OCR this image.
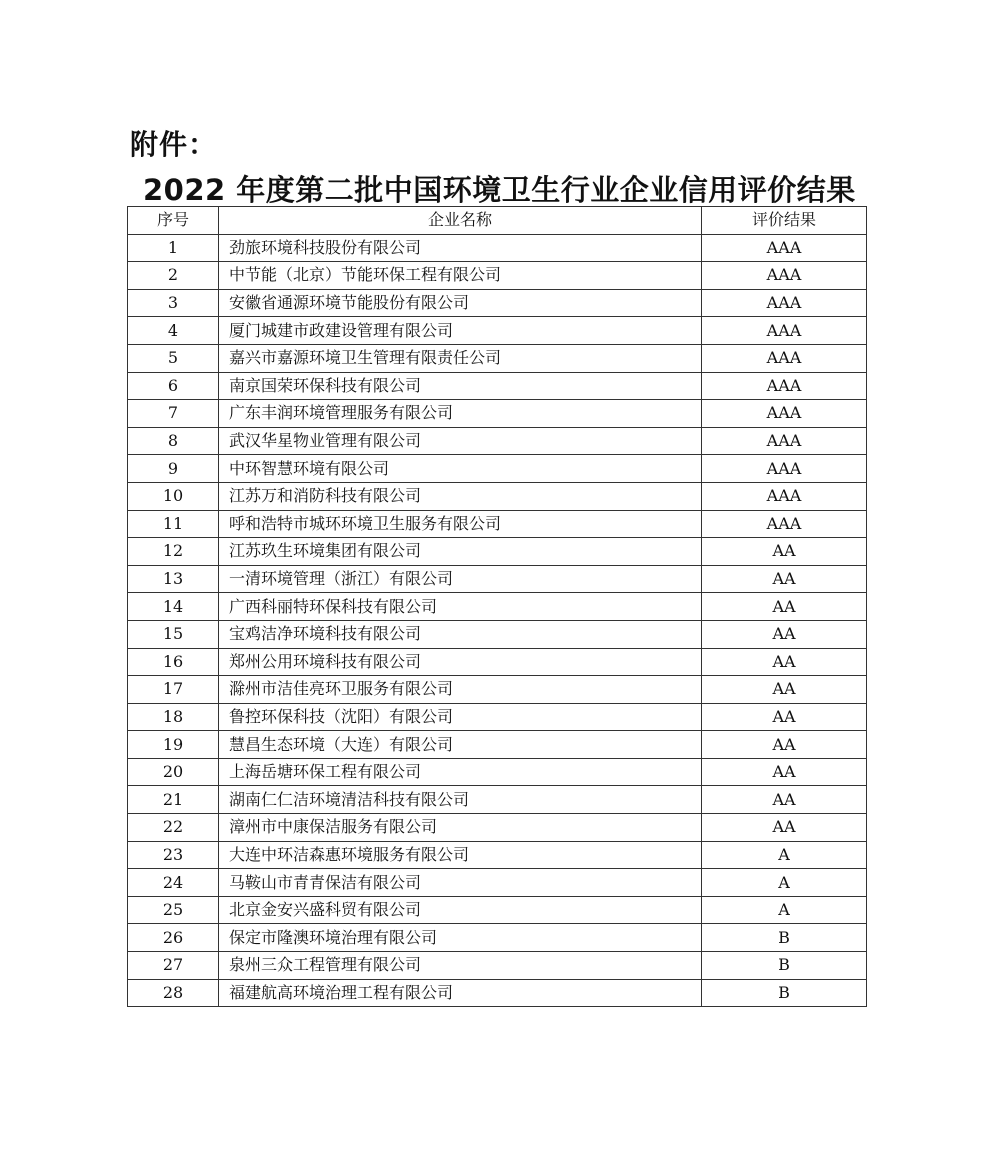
附件：
2022 年度第二批中国环境卫生行业企业信用评价结果
序号	企业名称	评价结果
1	劲旅环境科技股份有限公司	AAA
2	中节能（北京）节能环保工程有限公司	AAA
3	安徽省通源环境节能股份有限公司	AAA
4	厦门城建市政建设管理有限公司	AAA
5	嘉兴市嘉源环境卫生管理有限责任公司	AAA
6	南京国荣环保科技有限公司	AAA
7	广东丰润环境管理服务有限公司	AAA
8	武汉华星物业管理有限公司	AAA
9	中环智慧环境有限公司	AAA
10	江苏万和消防科技有限公司	AAA
11	呼和浩特市城环环境卫生服务有限公司	AAA
12	江苏玖生环境集团有限公司	AA
13	一清环境管理（浙江）有限公司	AA
14	广西科丽特环保科技有限公司	AA
15	宝鸡洁净环境科技有限公司	AA
16	郑州公用环境科技有限公司	AA
17	滁州市洁佳亮环卫服务有限公司	AA
18	鲁控环保科技（沈阳）有限公司	AA
19	慧昌生态环境（大连）有限公司	AA
20	上海岳塘环保工程有限公司	AA
21	湖南仁仁洁环境清洁科技有限公司	AA
22	漳州市中康保洁服务有限公司	AA
23	大连中环洁森惠环境服务有限公司	A
24	马鞍山市青青保洁有限公司	A
25	北京金安兴盛科贸有限公司	A
26	保定市隆澳环境治理有限公司	B
27	泉州三众工程管理有限公司	B
28	福建航高环境治理工程有限公司	B
